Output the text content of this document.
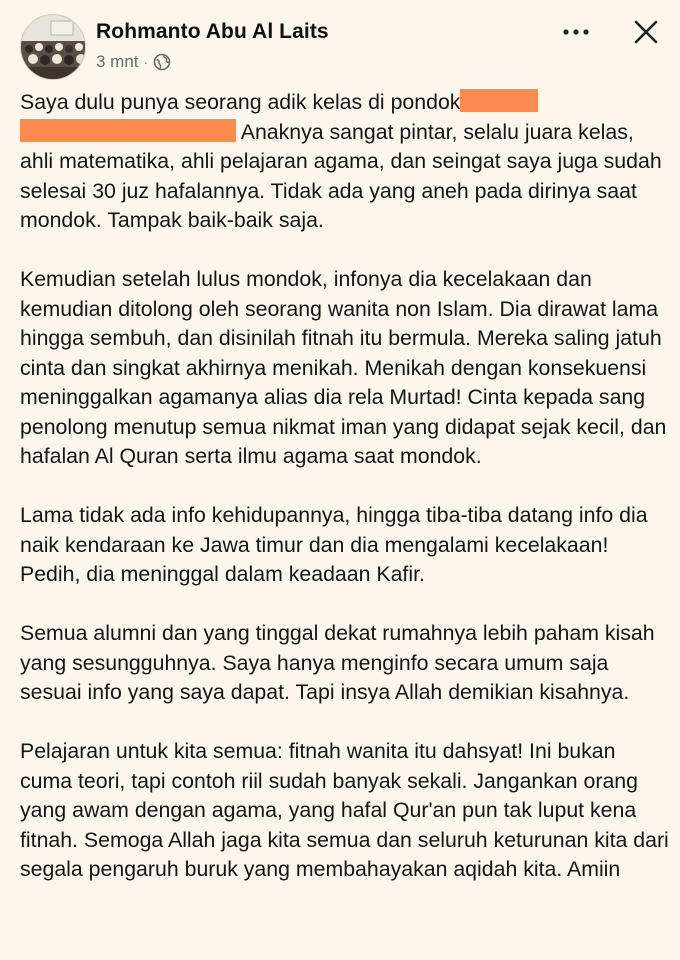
Rohmanto Abu Al Laits
3 mnt ·

Saya dulu punya seorang adik kelas di pondok  Anaknya sangat pintar, selalu juara kelas, ahli matematika, ahli pelajaran agama, dan seingat saya juga sudah selesai 30 juz hafalannya. Tidak ada yang aneh pada dirinya saat mondok. Tampak baik-baik saja.

Kemudian setelah lulus mondok, infonya dia kecelakaan dan kemudian ditolong oleh seorang wanita non Islam. Dia dirawat lama hingga sembuh, dan disinilah fitnah itu bermula. Mereka saling jatuh cinta dan singkat akhirnya menikah. Menikah dengan konsekuensi meninggalkan agamanya alias dia rela Murtad! Cinta kepada sang penolong menutup semua nikmat iman yang didapat sejak kecil, dan hafalan Al Quran serta ilmu agama saat mondok.

Lama tidak ada info kehidupannya, hingga tiba-tiba datang info dia naik kendaraan ke Jawa timur dan dia mengalami kecelakaan! Pedih, dia meninggal dalam keadaan Kafir.

Semua alumni dan yang tinggal dekat rumahnya lebih paham kisah yang sesungguhnya. Saya hanya menginfo secara umum saja sesuai info yang saya dapat. Tapi insya Allah demikian kisahnya.

Pelajaran untuk kita semua: fitnah wanita itu dahsyat! Ini bukan cuma teori, tapi contoh riil sudah banyak sekali. Jangankan orang yang awam dengan agama, yang hafal Qur'an pun tak luput kena fitnah. Semoga Allah jaga kita semua dan seluruh keturunan kita dari segala pengaruh buruk yang membahayakan aqidah kita. Amiin
